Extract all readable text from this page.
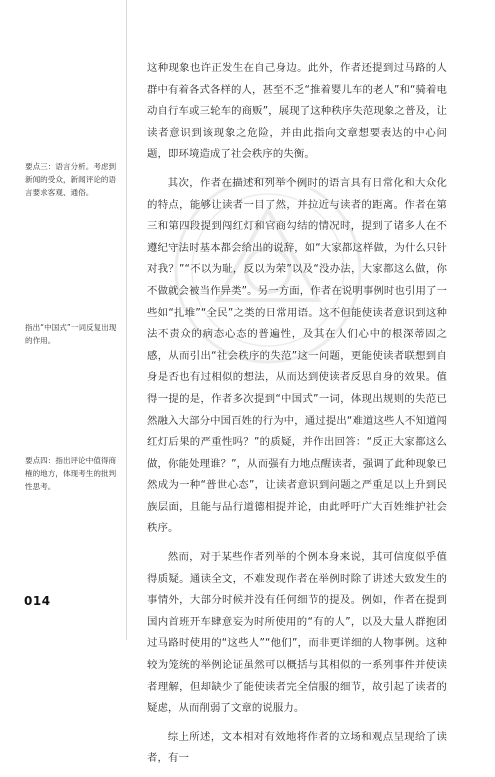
要点三：语言分析。考虑到新闻的受众，新闻评论的语言要求客观、通俗。
指出“中国式”一词反复出现的作用。
要点四：指出评论中值得商榷的地方，体现考生的批判性思考。

这种现象也许正发生在自己身边。此外，作者还提到过马路的人群中有着各式各样的人，甚至不乏“推着婴儿车的老人”和“骑着电动自行车或三轮车的商贩”，展现了这种秩序失范现象之普及，让读者意识到该现象之危险，并由此指向文章想要表达的中心问题，即环境造成了社会秩序的失衡。

其次，作者在描述和列举个例时的语言具有日常化和大众化的特点，能够让读者一目了然，并拉近与读者的距离。作者在第三和第四段提到闯红灯和官商勾结的情况时，提到了诸多人在不遵纪守法时基本都会给出的说辞，如“大家都这样做，为什么只针对我？”“不以为耻，反以为荣”以及“没办法，大家都这么做，你不做就会被当作异类”。另一方面，作者在说明事例时也引用了一些如“扎堆”“全民”之类的日常用语。这不但能使读者意识到这种法不责众的病态心态的普遍性，及其在人们心中的根深蒂固之感，从而引出“社会秩序的失范”这一问题，更能使读者联想到自身是否也有过相似的想法，从而达到使读者反思自身的效果。值得一提的是，作者多次提到“中国式”一词，体现出规则的失范已然融入大部分中国百姓的行为中，通过提出“难道这些人不知道闯红灯后果的严重性吗？”的质疑，并作出回答：“反正大家都这么做，你能处理谁？”，从而强有力地点醒读者，强调了此种现象已然成为一种“普世心态”，让读者意识到问题之严重足以上升到民族层面，且能与品行道德相提并论，由此呼吁广大百姓维护社会秩序。

然而，对于某些作者列举的个例本身来说，其可信度似乎值得质疑。通读全文，不难发现作者在举例时除了讲述大致发生的事情外，大部分时候并没有任何细节的提及。例如，作者在提到国内首班开车肆意妄为时所使用的“有的人”，以及大量人群抱团过马路时使用的“这些人”“他们”，而非更详细的人物事例。这种较为笼统的举例论证虽然可以概括与其相似的一系列事件并使读者理解，但却缺少了能使读者完全信服的细节，故引起了读者的疑虑，从而削弱了文章的说服力。

综上所述，文本相对有效地将作者的立场和观点呈现给了读者，有一

014
